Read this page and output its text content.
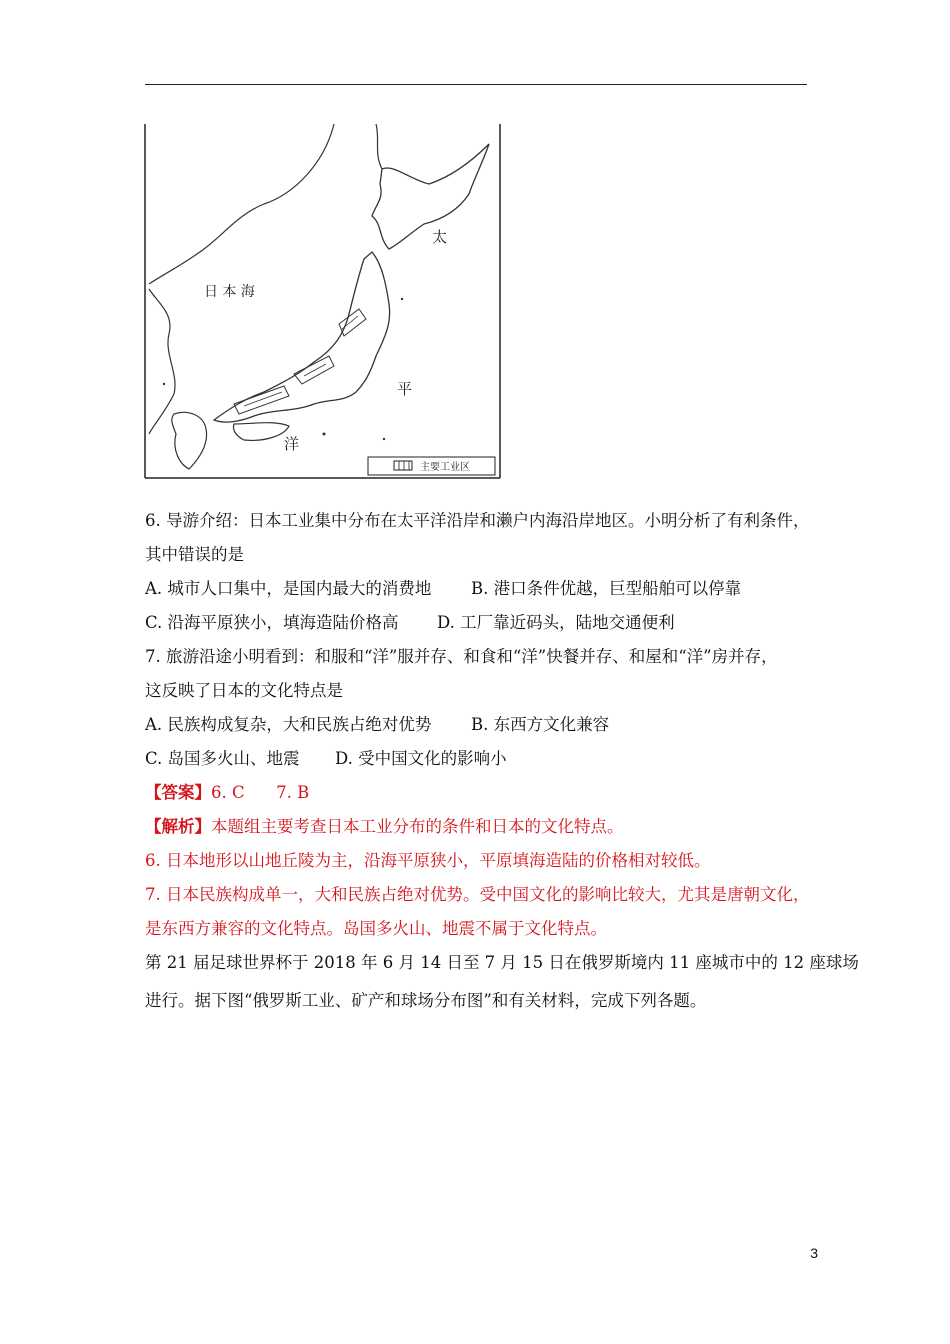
日 本 海
太
平
洋
主要工业区
6. 导游介绍：日本工业集中分布在太平洋沿岸和濑户内海沿岸地区。小明分析了有利条件，
其中错误的是
A. 城市人口集中，是国内最大的消费地 B. 港口条件优越，巨型船舶可以停靠
C. 沿海平原狭小，填海造陆价格高 D. 工厂靠近码头，陆地交通便利
7. 旅游沿途小明看到：和服和“洋”服并存、和食和“洋”快餐并存、和屋和“洋”房并存，
这反映了日本的文化特点是
A. 民族构成复杂，大和民族占绝对优势 B. 东西方文化兼容
C. 岛国多火山、地震 D. 受中国文化的影响小
【答案】6. C      7. B
【解析】本题组主要考查日本工业分布的条件和日本的文化特点。
6. 日本地形以山地丘陵为主，沿海平原狭小，平原填海造陆的价格相对较低。
7. 日本民族构成单一，大和民族占绝对优势。受中国文化的影响比较大，尤其是唐朝文化，
是东西方兼容的文化特点。岛国多火山、地震不属于文化特点。
第 21 届足球世界杯于 2018 年 6 月 14 日至 7 月 15 日在俄罗斯境内 11 座城市中的 12 座球场
进行。据下图“俄罗斯工业、矿产和球场分布图”和有关材料，完成下列各题。
3
